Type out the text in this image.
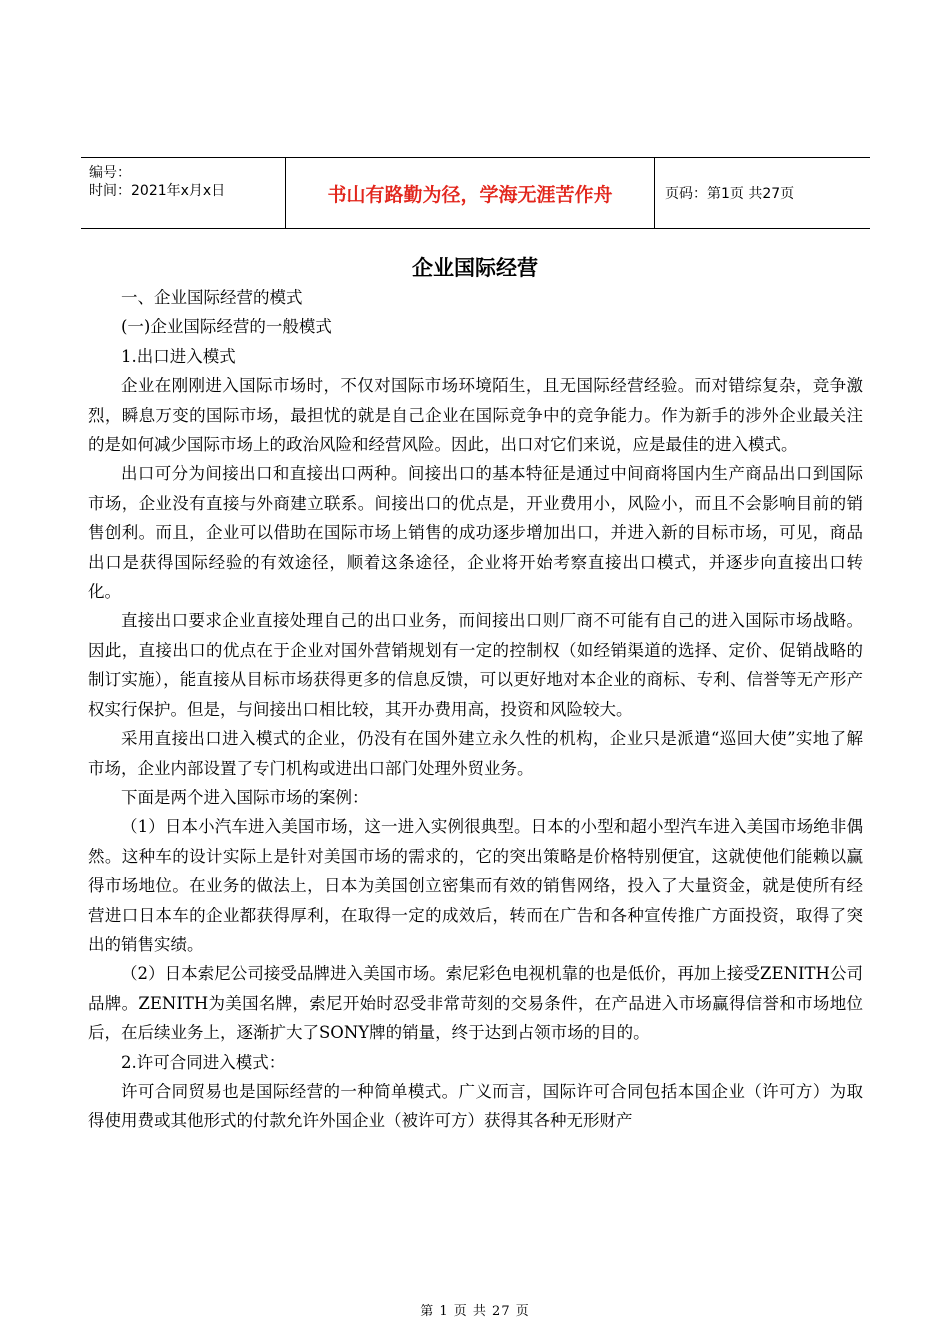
编号：
时间：2021年x月x日	书山有路勤为径，学海无涯苦作舟	页码：第1页 共27页
企业国际经营

一、企业国际经营的模式

(一)企业国际经营的一般模式

1.出口进入模式

企业在刚刚进入国际市场时，不仅对国际市场环境陌生，且无国际经营经验。而对错综复杂，竞争激烈，瞬息万变的国际市场，最担忧的就是自己企业在国际竞争中的竞争能力。作为新手的涉外企业最关注的是如何减少国际市场上的政治风险和经营风险。因此，出口对它们来说，应是最佳的进入模式。

出口可分为间接出口和直接出口两种。间接出口的基本特征是通过中间商将国内生产商品出口到国际市场，企业没有直接与外商建立联系。间接出口的优点是，开业费用小，风险小，而且不会影响目前的销售创利。而且，企业可以借助在国际市场上销售的成功逐步增加出口，并进入新的目标市场，可见，商品出口是获得国际经验的有效途径，顺着这条途径，企业将开始考察直接出口模式，并逐步向直接出口转化。

直接出口要求企业直接处理自己的出口业务，而间接出口则厂商不可能有自己的进入国际市场战略。因此，直接出口的优点在于企业对国外营销规划有一定的控制权（如经销渠道的选择、定价、促销战略的制订实施），能直接从目标市场获得更多的信息反馈，可以更好地对本企业的商标、专利、信誉等无产形产权实行保护。但是，与间接出口相比较，其开办费用高，投资和风险较大。

采用直接出口进入模式的企业，仍没有在国外建立永久性的机构，企业只是派遣“巡回大使”实地了解市场，企业内部设置了专门机构或进出口部门处理外贸业务。

下面是两个进入国际市场的案例：

（1）日本小汽车进入美国市场，这一进入实例很典型。日本的小型和超小型汽车进入美国市场绝非偶然。这种车的设计实际上是针对美国市场的需求的，它的突出策略是价格特别便宜，这就使他们能赖以赢得市场地位。在业务的做法上，日本为美国创立密集而有效的销售网络，投入了大量资金，就是使所有经营进口日本车的企业都获得厚利，在取得一定的成效后，转而在广告和各种宣传推广方面投资，取得了突出的销售实绩。

（2）日本索尼公司接受品牌进入美国市场。索尼彩色电视机靠的也是低价，再加上接受ZENITH公司品牌。ZENITH为美国名牌，索尼开始时忍受非常苛刻的交易条件，在产品进入市场赢得信誉和市场地位后，在后续业务上，逐渐扩大了SONY牌的销量，终于达到占领市场的目的。

2.许可合同进入模式：

许可合同贸易也是国际经营的一种简单模式。广义而言，国际许可合同包括本国企业（许可方）为取得使用费或其他形式的付款允许外国企业（被许可方）获得其各种无形财产

第 1 页 共 27 页
